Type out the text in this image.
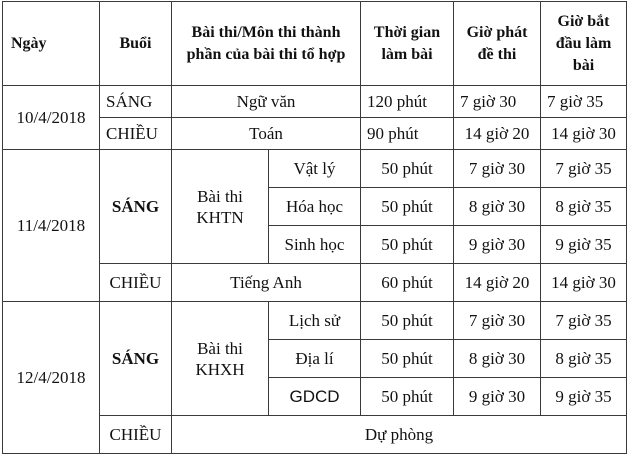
Ngày	Buổi	Bài thi/Môn thi thành phần của bài thi tổ hợp		Thời gian làm bài	Giờ phát đề thi	Giờ bắt đầu làm bài
10/4/2018	SÁNG	Ngữ văn		120 phút	7 giờ 30	7 giờ 35
	CHIỀU	Toán		90 phút	14 giờ 20	14 giờ 30
11/4/2018	SÁNG	Bài thi KHTN	Vật lý	50 phút	7 giờ 30	7 giờ 35
			Hóa học	50 phút	8 giờ 30	8 giờ 35
			Sinh học	50 phút	9 giờ 30	9 giờ 35
	CHIỀU	Tiếng Anh		60 phút	14 giờ 20	14 giờ 30
12/4/2018	SÁNG	Bài thi KHXH	Lịch sử	50 phút	7 giờ 30	7 giờ 35
			Địa lí	50 phút	8 giờ 30	8 giờ 35
			GDCD	50 phút	9 giờ 30	9 giờ 35
	CHIỀU	Dự phòng				
